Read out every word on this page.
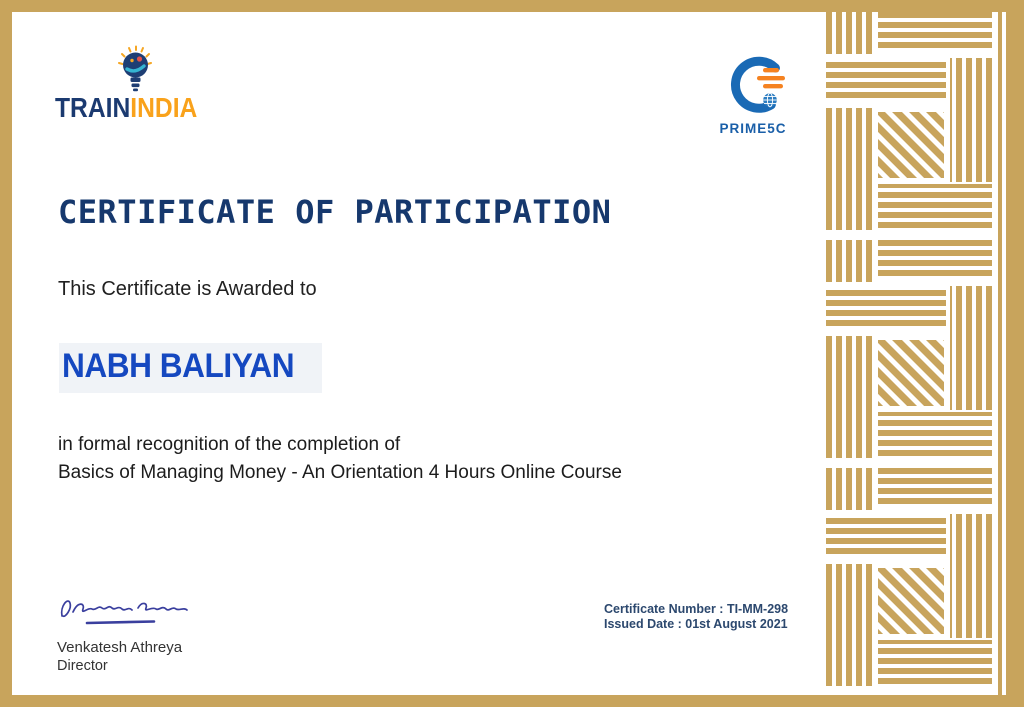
TRAININDIA
PRIME5C
CERTIFICATE OF PARTICIPATION

This Certificate is Awarded to

NABH BALIYAN

in formal recognition of the completion of
Basics of Managing Money - An Orientation 4 Hours Online Course

Venkatesh Athreya
Director
Certificate Number : TI-MM-298
Issued Date : 01st August 2021
